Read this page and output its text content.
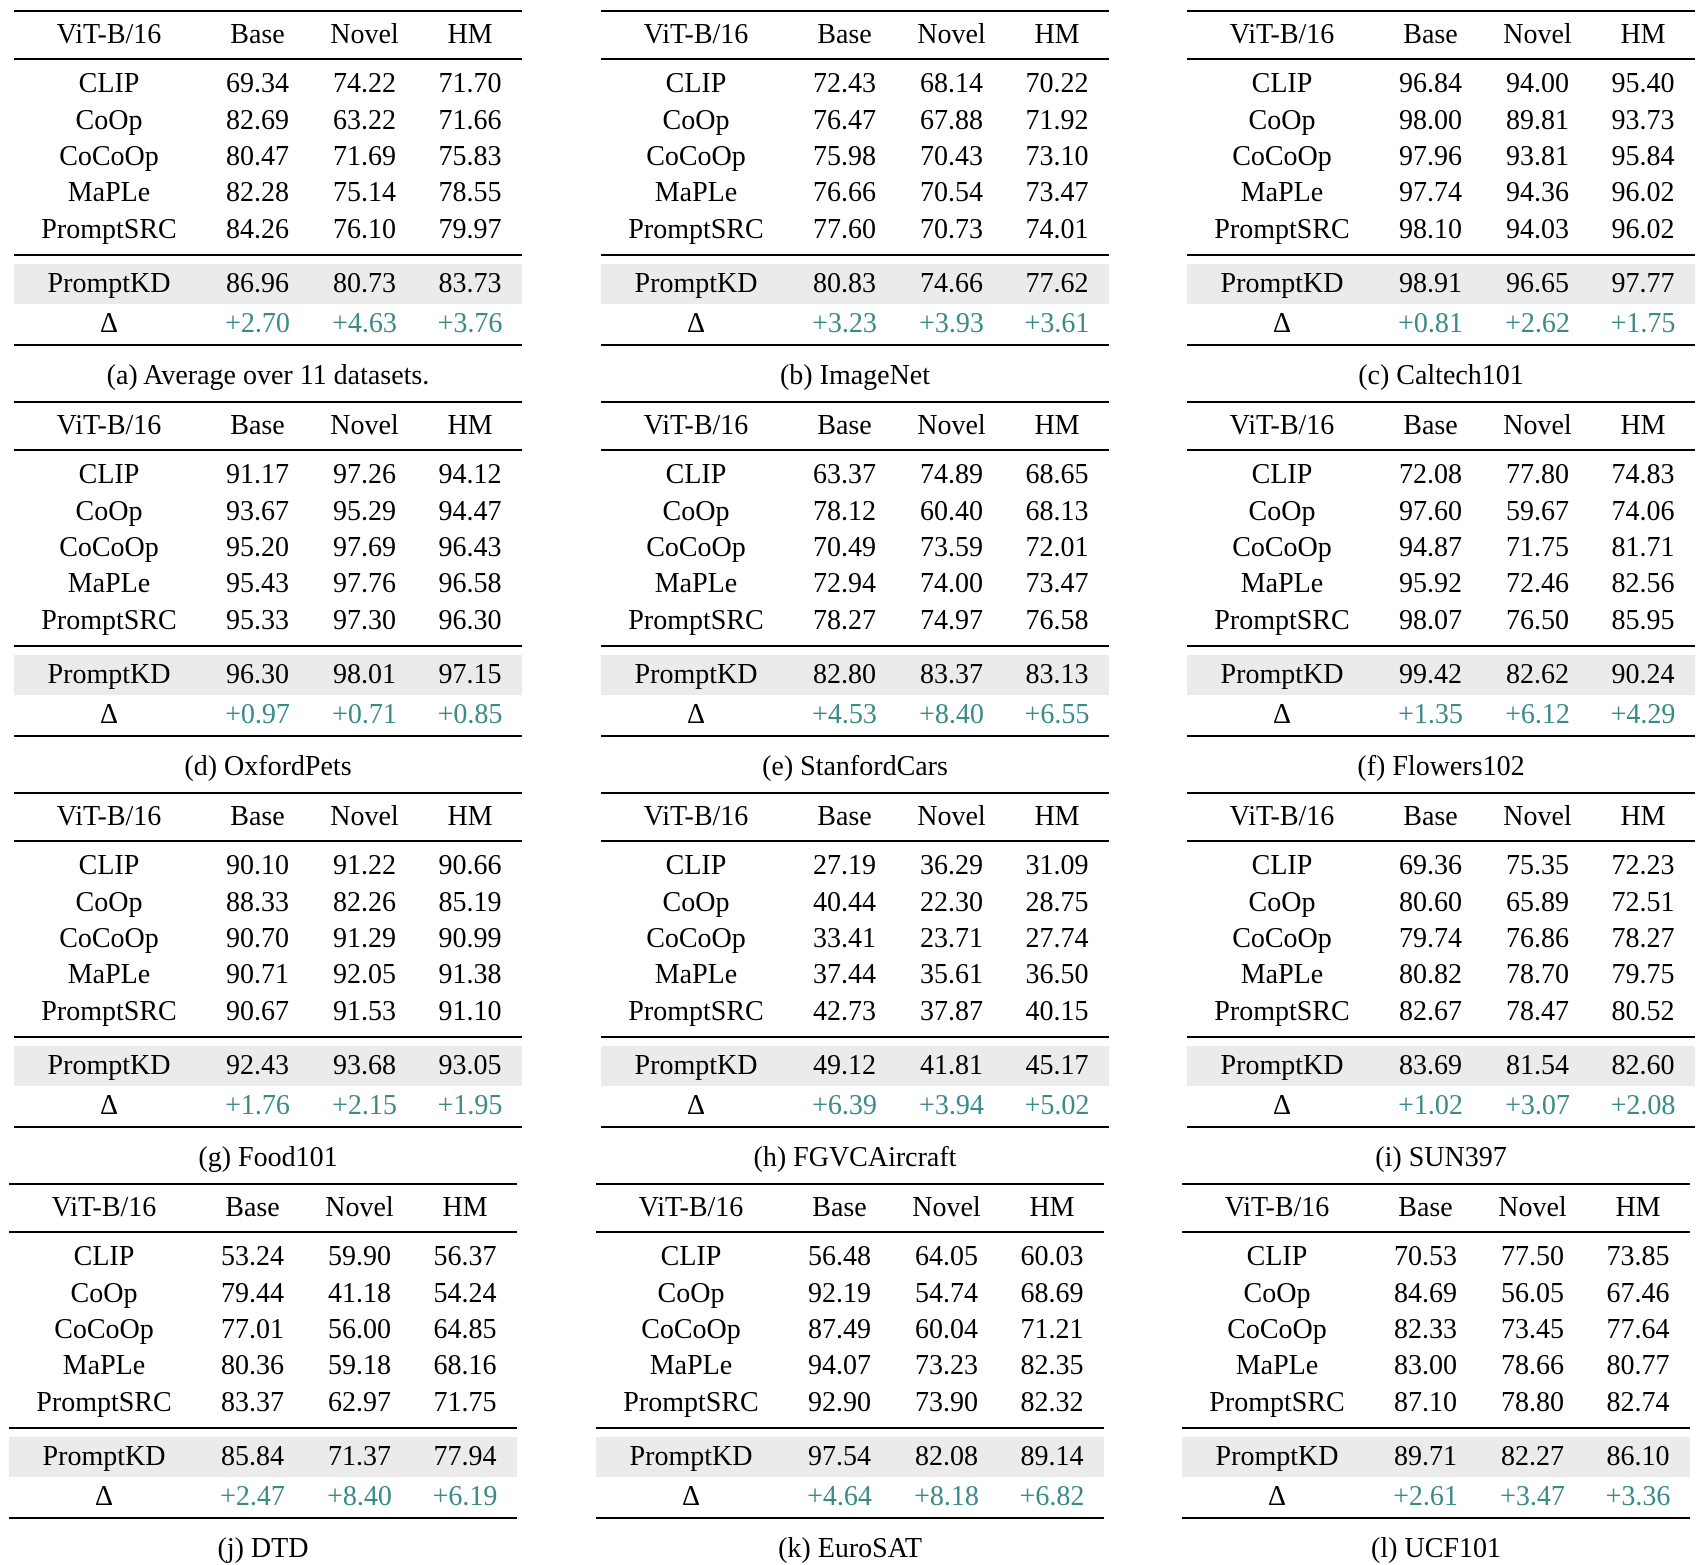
ViT-B/16	Base	Novel	HM
CLIP	69.34	74.22	71.70
CoOp	82.69	63.22	71.66
CoCoOp	80.47	71.69	75.83
MaPLe	82.28	75.14	78.55
PromptSRC	84.26	76.10	79.97

PromptKD	86.96	80.73	83.73
Δ	+2.70	+4.63	+3.76
(a) Average over 11 datasets.
ViT-B/16	Base	Novel	HM
CLIP	72.43	68.14	70.22
CoOp	76.47	67.88	71.92
CoCoOp	75.98	70.43	73.10
MaPLe	76.66	70.54	73.47
PromptSRC	77.60	70.73	74.01

PromptKD	80.83	74.66	77.62
Δ	+3.23	+3.93	+3.61
(b) ImageNet
ViT-B/16	Base	Novel	HM
CLIP	96.84	94.00	95.40
CoOp	98.00	89.81	93.73
CoCoOp	97.96	93.81	95.84
MaPLe	97.74	94.36	96.02
PromptSRC	98.10	94.03	96.02

PromptKD	98.91	96.65	97.77
Δ	+0.81	+2.62	+1.75
(c) Caltech101
ViT-B/16	Base	Novel	HM
CLIP	91.17	97.26	94.12
CoOp	93.67	95.29	94.47
CoCoOp	95.20	97.69	96.43
MaPLe	95.43	97.76	96.58
PromptSRC	95.33	97.30	96.30

PromptKD	96.30	98.01	97.15
Δ	+0.97	+0.71	+0.85
(d) OxfordPets
ViT-B/16	Base	Novel	HM
CLIP	63.37	74.89	68.65
CoOp	78.12	60.40	68.13
CoCoOp	70.49	73.59	72.01
MaPLe	72.94	74.00	73.47
PromptSRC	78.27	74.97	76.58

PromptKD	82.80	83.37	83.13
Δ	+4.53	+8.40	+6.55
(e) StanfordCars
ViT-B/16	Base	Novel	HM
CLIP	72.08	77.80	74.83
CoOp	97.60	59.67	74.06
CoCoOp	94.87	71.75	81.71
MaPLe	95.92	72.46	82.56
PromptSRC	98.07	76.50	85.95

PromptKD	99.42	82.62	90.24
Δ	+1.35	+6.12	+4.29
(f) Flowers102
ViT-B/16	Base	Novel	HM
CLIP	90.10	91.22	90.66
CoOp	88.33	82.26	85.19
CoCoOp	90.70	91.29	90.99
MaPLe	90.71	92.05	91.38
PromptSRC	90.67	91.53	91.10

PromptKD	92.43	93.68	93.05
Δ	+1.76	+2.15	+1.95
(g) Food101
ViT-B/16	Base	Novel	HM
CLIP	27.19	36.29	31.09
CoOp	40.44	22.30	28.75
CoCoOp	33.41	23.71	27.74
MaPLe	37.44	35.61	36.50
PromptSRC	42.73	37.87	40.15

PromptKD	49.12	41.81	45.17
Δ	+6.39	+3.94	+5.02
(h) FGVCAircraft
ViT-B/16	Base	Novel	HM
CLIP	69.36	75.35	72.23
CoOp	80.60	65.89	72.51
CoCoOp	79.74	76.86	78.27
MaPLe	80.82	78.70	79.75
PromptSRC	82.67	78.47	80.52

PromptKD	83.69	81.54	82.60
Δ	+1.02	+3.07	+2.08
(i) SUN397
ViT-B/16	Base	Novel	HM
CLIP	53.24	59.90	56.37
CoOp	79.44	41.18	54.24
CoCoOp	77.01	56.00	64.85
MaPLe	80.36	59.18	68.16
PromptSRC	83.37	62.97	71.75

PromptKD	85.84	71.37	77.94
Δ	+2.47	+8.40	+6.19
(j) DTD
ViT-B/16	Base	Novel	HM
CLIP	56.48	64.05	60.03
CoOp	92.19	54.74	68.69
CoCoOp	87.49	60.04	71.21
MaPLe	94.07	73.23	82.35
PromptSRC	92.90	73.90	82.32

PromptKD	97.54	82.08	89.14
Δ	+4.64	+8.18	+6.82
(k) EuroSAT
ViT-B/16	Base	Novel	HM
CLIP	70.53	77.50	73.85
CoOp	84.69	56.05	67.46
CoCoOp	82.33	73.45	77.64
MaPLe	83.00	78.66	80.77
PromptSRC	87.10	78.80	82.74

PromptKD	89.71	82.27	86.10
Δ	+2.61	+3.47	+3.36
(l) UCF101
